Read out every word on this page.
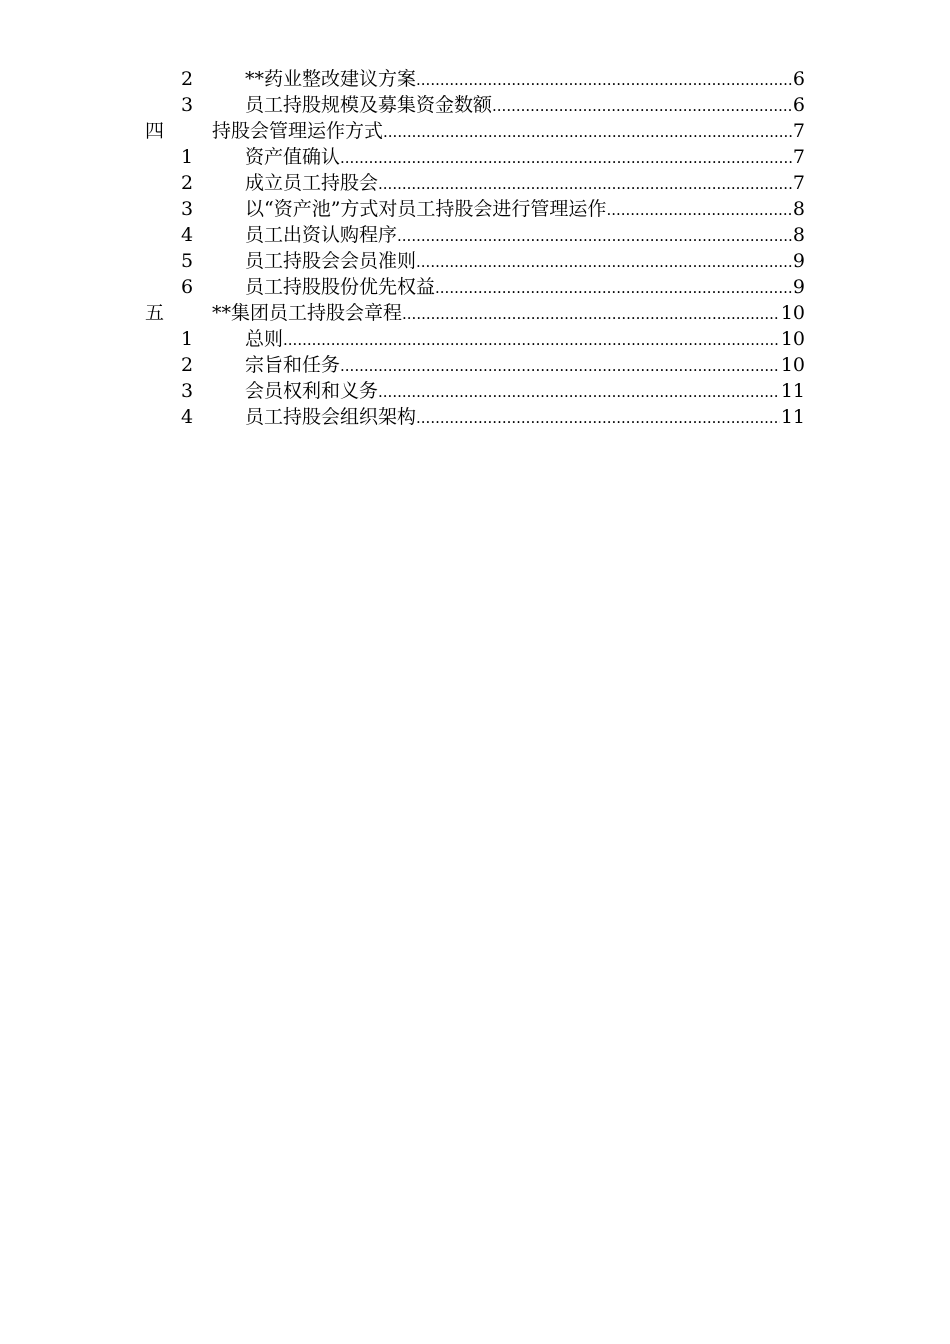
2	**药业整改建议方案 .....	6
3	员工持股规模及募集资金数额 .....	6
四	持股会管理运作方式 .....	7
1	资产值确认 .....	7
2	成立员工持股会 .....	7
3	以“资产池”方式对员工持股会进行管理运作 .....	8
4	员工出资认购程序 .....	8
5	员工持股会会员准则 .....	9
6	员工持股股份优先权益 .....	9
五	**集团员工持股会章程 .....	10
1	总则 .....	10
2	宗旨和任务 .....	10
3	会员权利和义务 .....	11
4	员工持股会组织架构 .....	11
